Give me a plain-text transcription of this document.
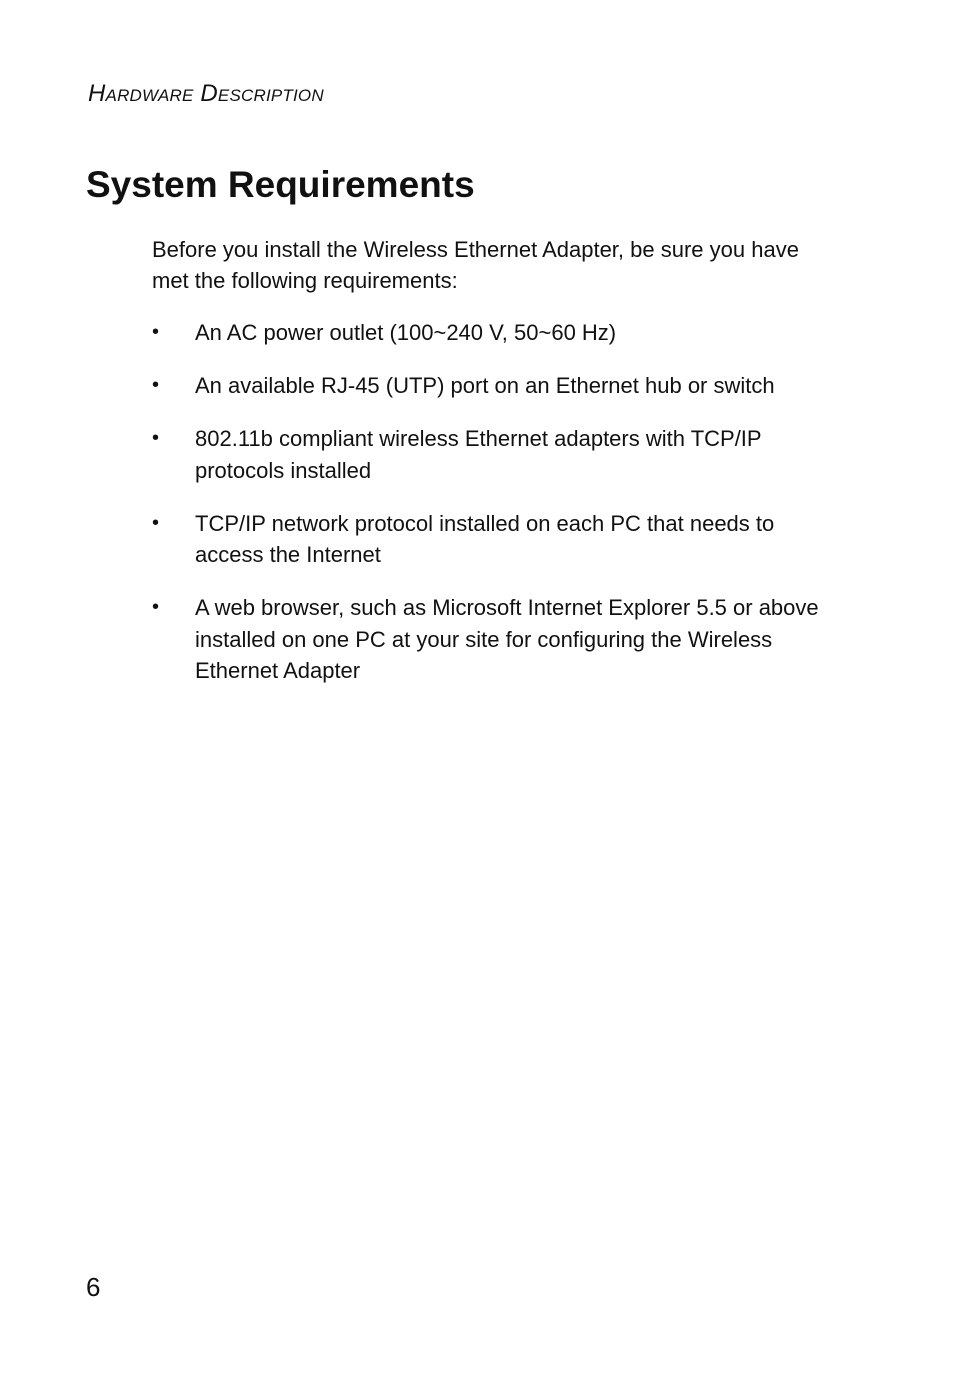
Hardware Description

System Requirements

Before you install the Wireless Ethernet Adapter, be sure you have met the following requirements:

• An AC power outlet (100~240 V, 50~60 Hz)
• An available RJ-45 (UTP) port on an Ethernet hub or switch
• 802.11b compliant wireless Ethernet adapters with TCP/IP protocols installed
• TCP/IP network protocol installed on each PC that needs to access the Internet
• A web browser, such as Microsoft Internet Explorer 5.5 or above installed on one PC at your site for configuring the Wireless Ethernet Adapter

6
